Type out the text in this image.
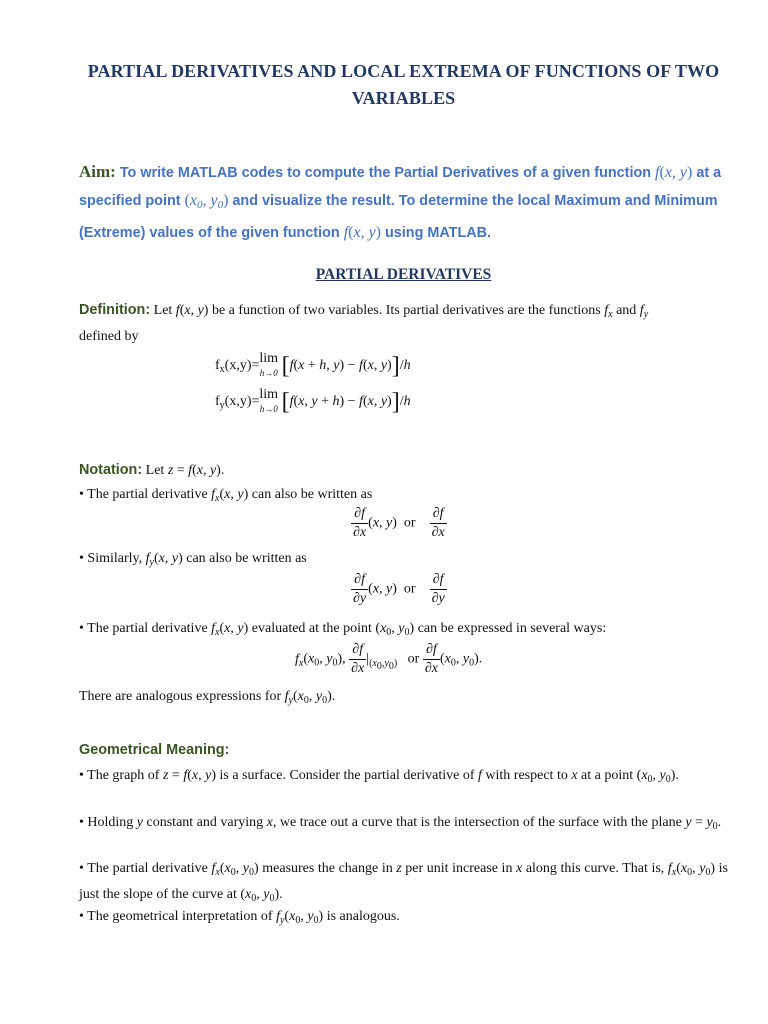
PARTIAL DERIVATIVES AND LOCAL EXTREMA OF FUNCTIONS OF TWO VARIABLES
Aim: To write MATLAB codes to compute the Partial Derivatives of a given function f(x, y) at a specified point ($x_0$, $y_0$) and visualize the result. To determine the local Maximum and Minimum (Extreme) values of the given function f(x, y) using MATLAB.
PARTIAL DERIVATIVES
Definition: Let f(x, y) be a function of two variables. Its partial derivatives are the functions $f_x$ and $f_y$
defined by
$f_x(x,y)= \lim$
h→0 [f(x + h, y) − f(x, y)]/h
$f_y(x,y)= \lim$
h→0 [f(x, y + h) − f(x, y)]/h
Notation: Let z = f(x, y).
• The partial derivative $f_x(x$, y) can also be written as
$\frac{\partial f}{\partial x} (x$, y)  or $\frac{\partial f}{\partial x}$
• Similarly, $f_y(x$, y) can also be written as
$\frac{\partial f}{\partial y} (x$, y)  or $\frac{\partial f}{\partial y}$
• The partial derivative $f_x(x$, y) evaluated at the point ($x_0$, $y_0$) can be expressed in several ways:
$f_x(x_0$, $y_0$), $\frac{\partial f}{\partial x} |_{(x_0,y_0)}$ or $\frac{\partial f}{\partial x} (x_0$, $y_0$).
There are analogous expressions for $f_y(x_0$, $y_0$).
Geometrical Meaning:
• The graph of z = f(x, y) is a surface. Consider the partial derivative of f with respect to x at a point ($x_0$, $y_0$).
• Holding y constant and varying x, we trace out a curve that is the intersection of the surface with the plane $y = y_0$.
• The partial derivative $f_x(x_0$, $y_0$) measures the change in z per unit increase in x along this curve. That is, $f_x(x_0$, $y_0$) is just the slope of the curve at ($x_0$, $y_0$).
• The geometrical interpretation of $f_y(x_0$, $y_0$) is analogous.
